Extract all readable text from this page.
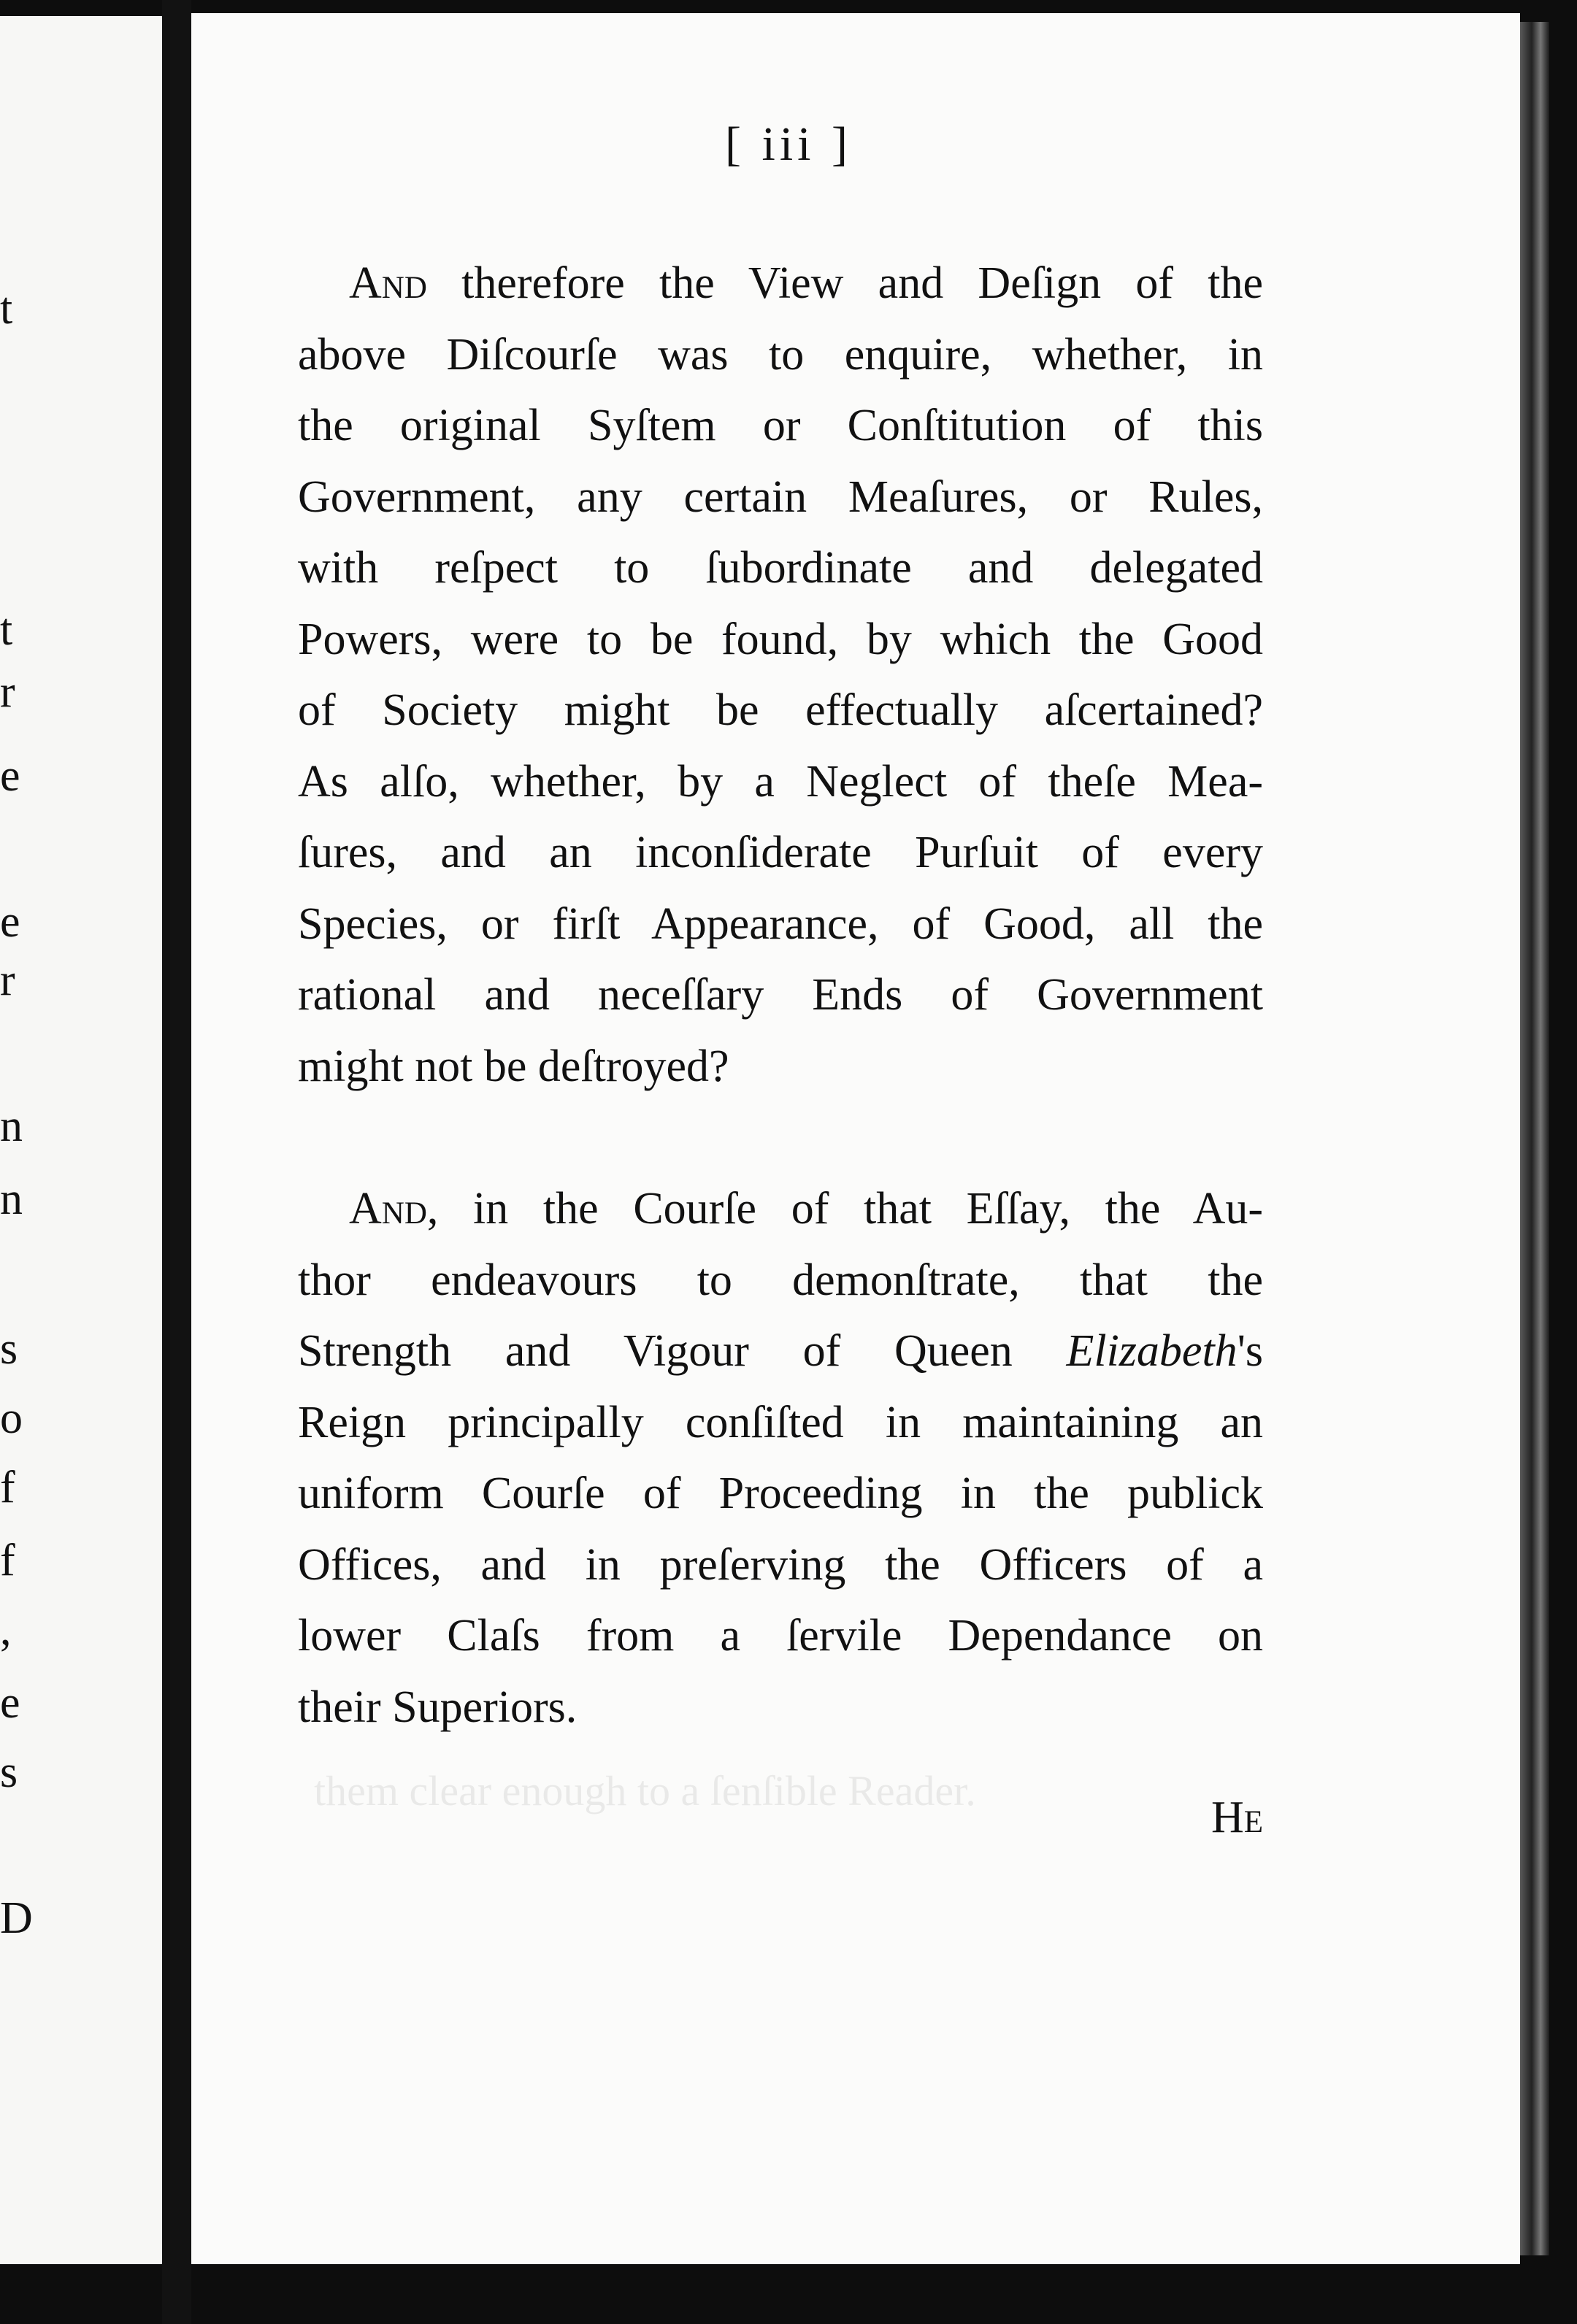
t
t
r
e
e
r
n
n
s
o
f
f
,
e
s
D
them clear enough to a ſenſible Reader.
[ iii ]
And therefore the View and Deſign of the
above Diſcourſe was to enquire, whether, in
the original Syſtem or Conſtitution of this
Government, any certain Meaſures, or Rules,
with reſpect to ſubordinate and delegated
Powers, were to be found, by which the Good
of Society might be effectually aſcertained?
As alſo, whether, by a Neglect of theſe Mea-
ſures, and an inconſiderate Purſuit of every
Species, or firſt Appearance, of Good, all the
rational and neceſſary Ends of Government
might not be deſtroyed?
And, in the Courſe of that Eſſay, the Au-
thor endeavours to demonſtrate, that the
Strength and Vigour of Queen Elizabeth's
Reign principally conſiſted in maintaining an
uniform Courſe of Proceeding in the publick
Offices, and in preſerving the Officers of a
lower Claſs from a ſervile Dependance on
their Superiors.
He
